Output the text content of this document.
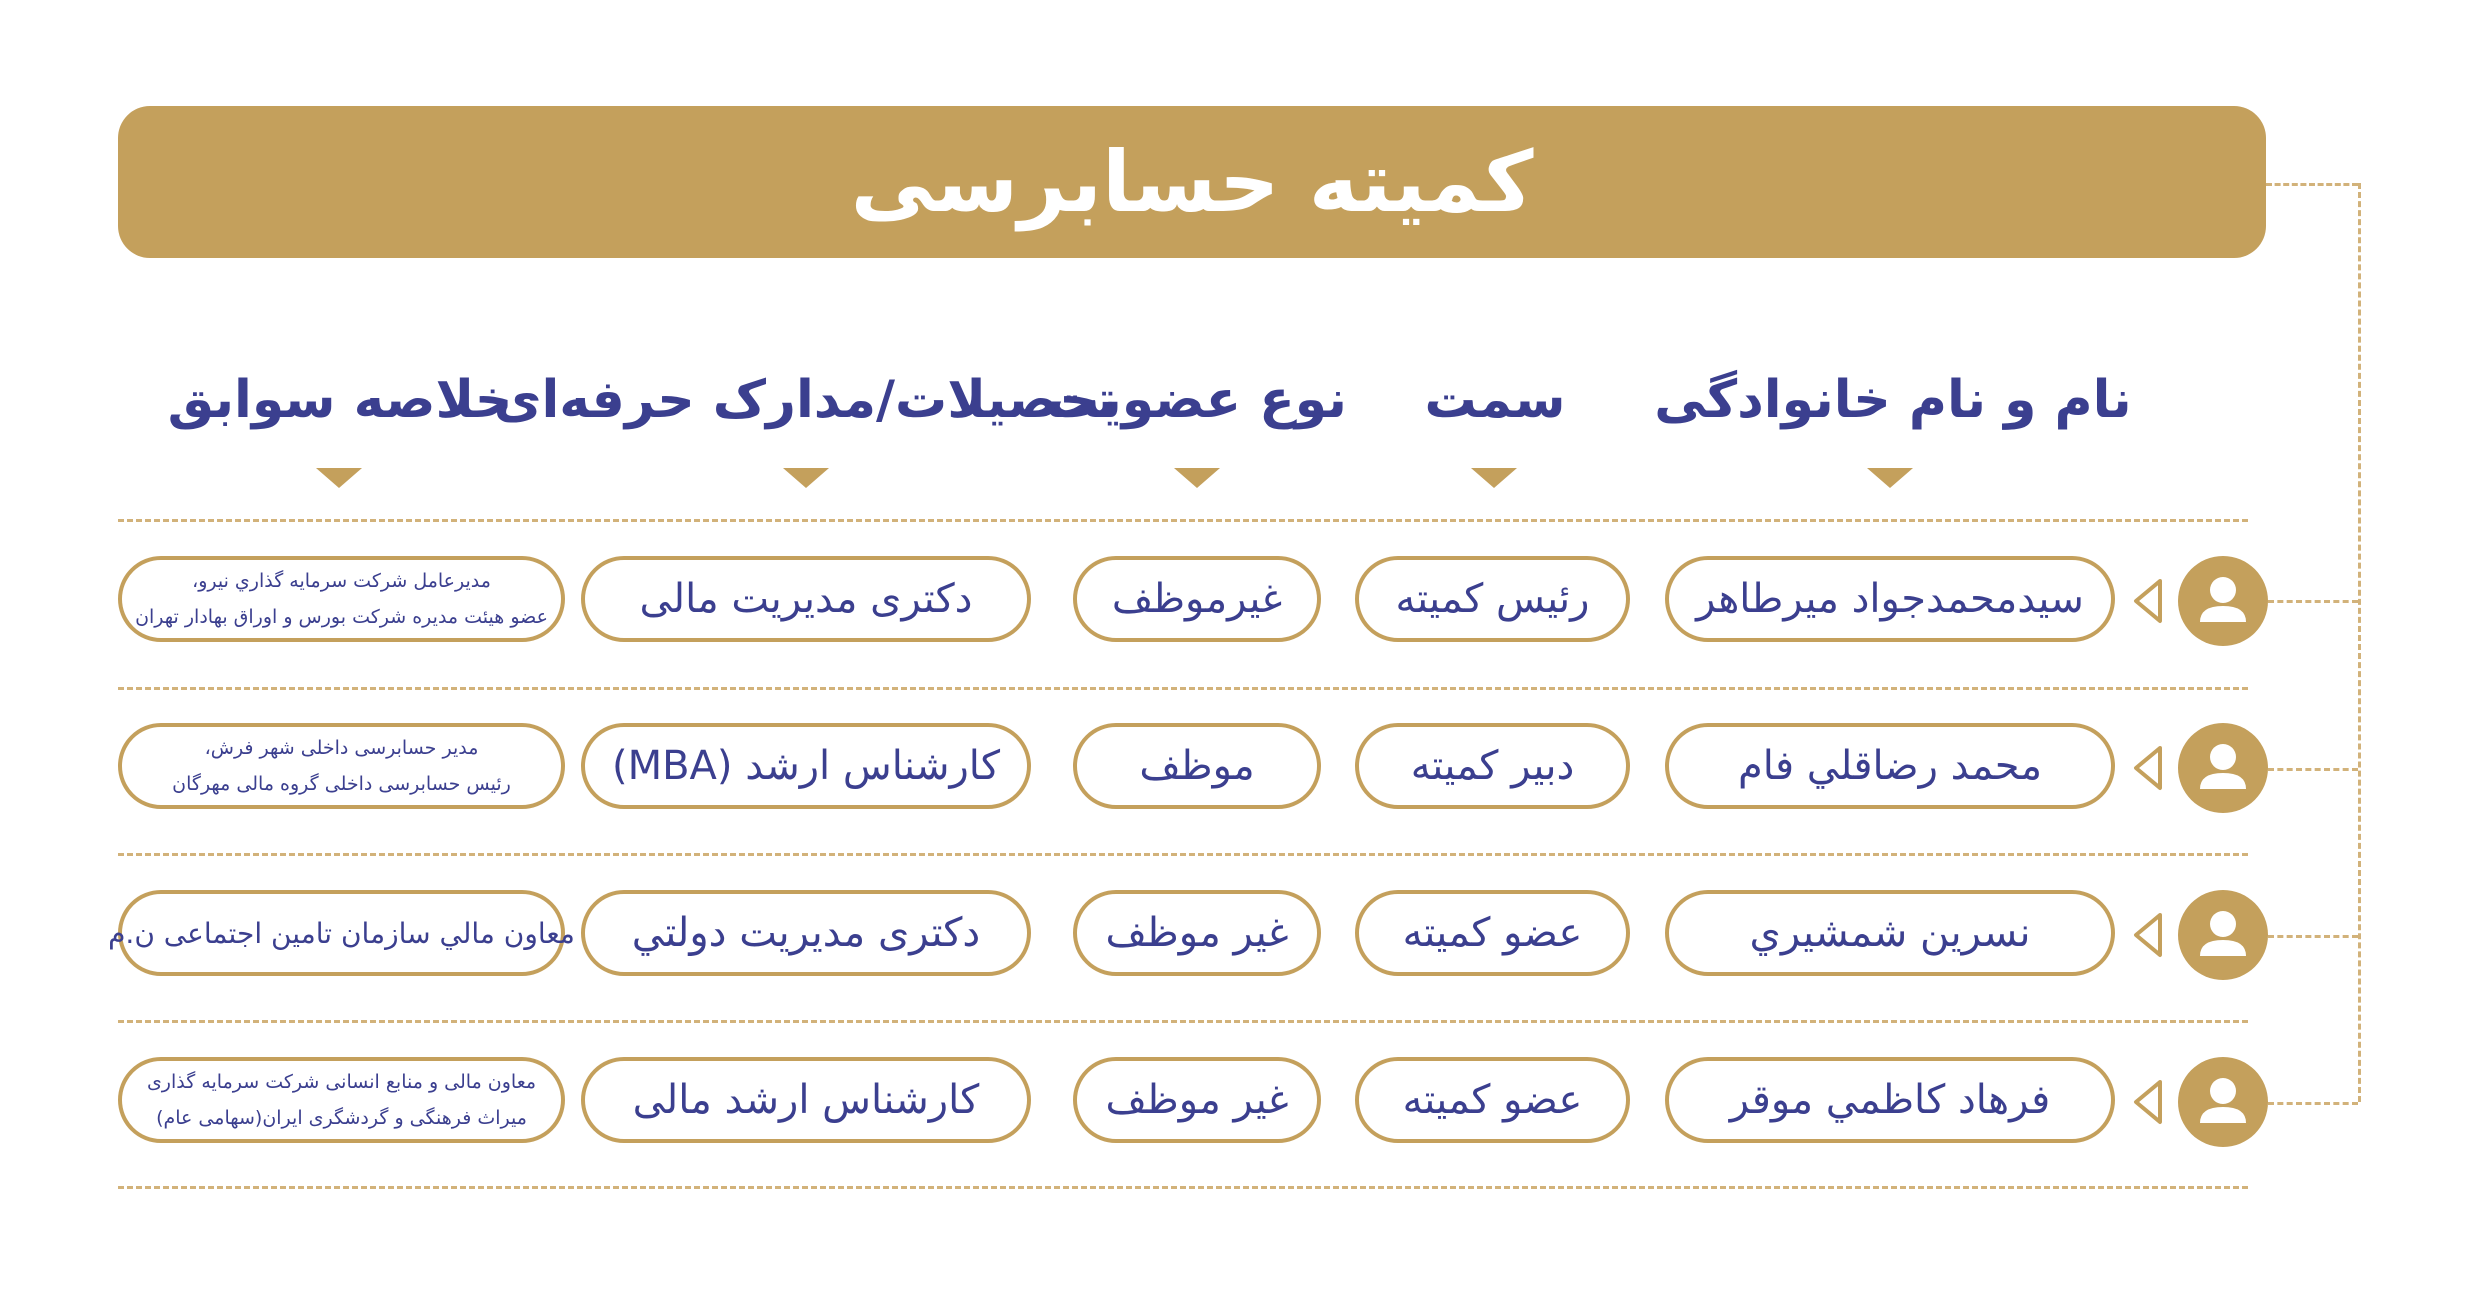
کمیته حسابرسی
نام و نام خانوادگی
سمت
نوع عضویت
تحصیلات/مدارک حرفه‌ای
خلاصه سوابق
سیدمحمدجواد میرطاهر
رئیس کمیته
غیرموظف
دکتری مدیریت مالی
مدیرعامل شرکت سرمایه گذاري نیرو،
عضو هیئت مدیره شرکت بورس و اوراق بهادار تهران
محمد رضاقلي فام
دبیر کمیته
موظف
کارشناس ارشد (MBA)
مدیر حسابرسی داخلی شهر فرش،
رئیس حسابرسی داخلی گروه مالی مهرگان
نسرین شمشیري
عضو کمیته
غیر موظف
دکتری مدیریت دولتي
معاون مالي سازمان تامین اجتماعی ن.م
فرهاد کاظمي موقر
عضو کمیته
غیر موظف
کارشناس ارشد مالی
معاون مالی و منابع انسانی شرکت سرمایه گذاری
میراث فرهنگی و گردشگری ایران(سهامی عام)
